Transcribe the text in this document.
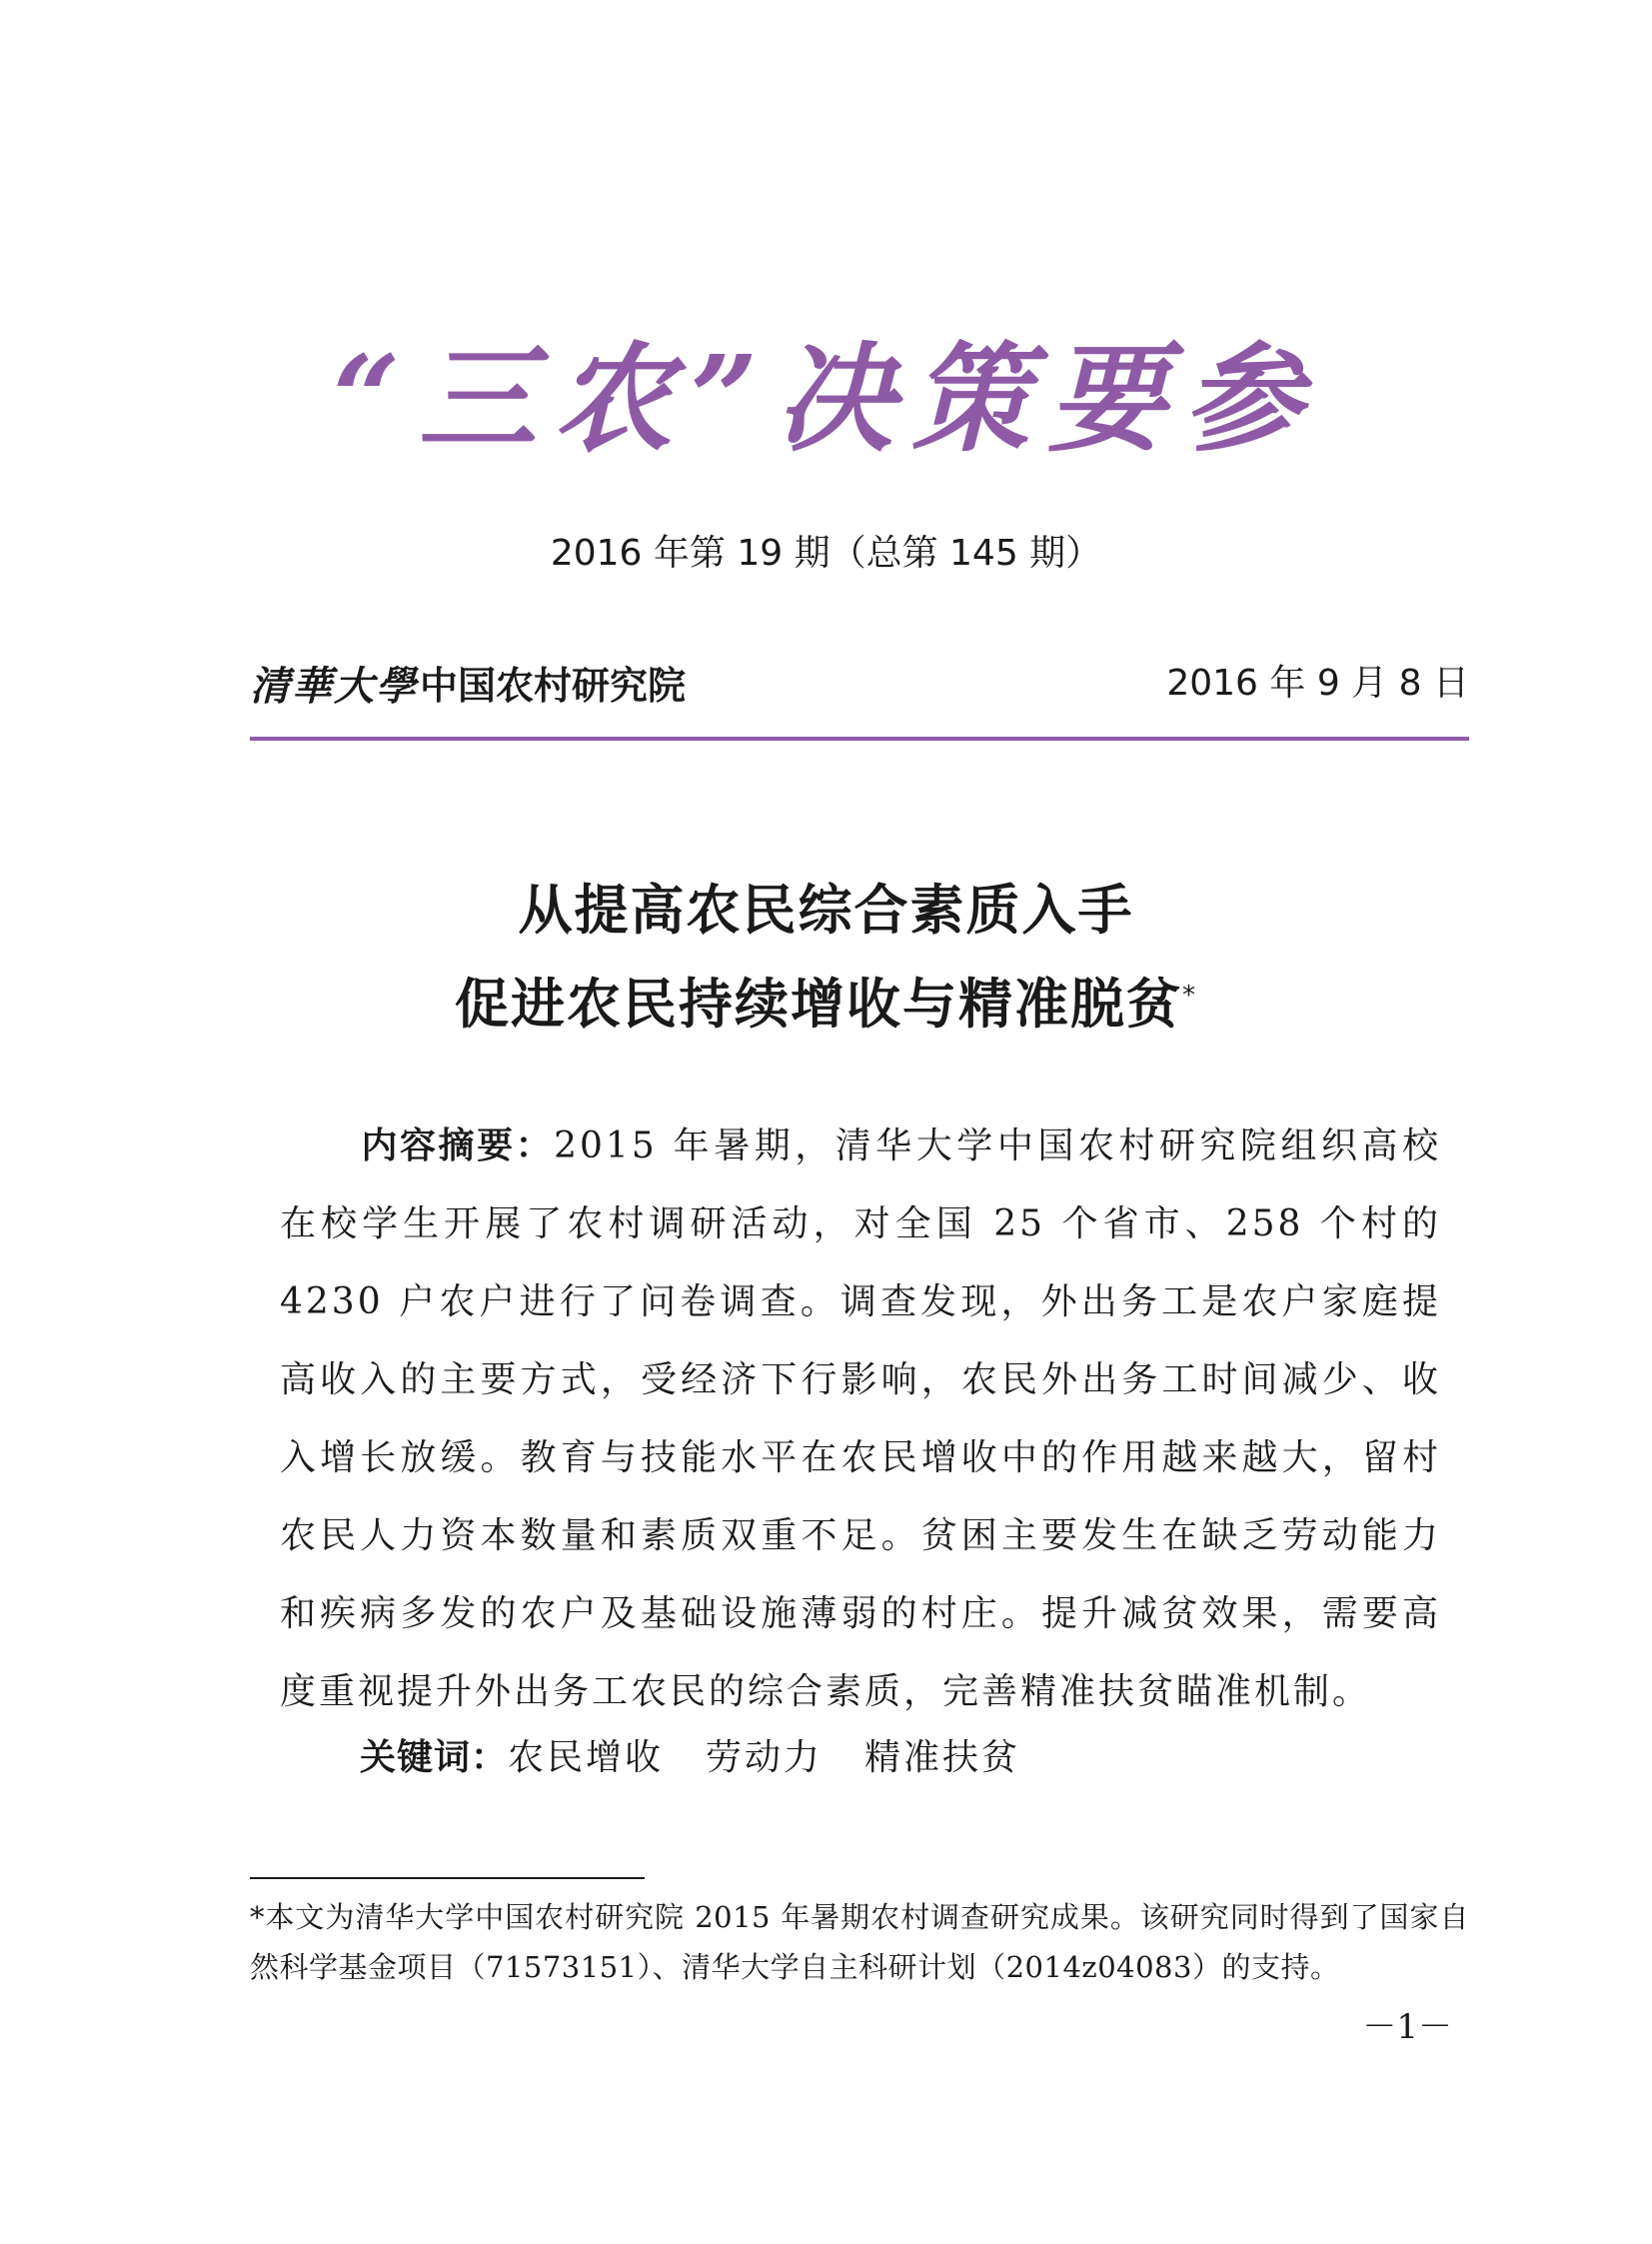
“三农”决策要参
2016 年第 19 期（总第 145 期）
清華大學 中国农村研究院	2016 年 9 月 8 日
从提高农民综合素质入手
促进农民持续增收与精准脱贫*
内容摘要：2015 年暑期，清华大学中国农村研究院组织高校在校学生开展了农村调研活动，对全国 25 个省市、258 个村的 4230 户农户进行了问卷调查。调查发现，外出务工是农户家庭提高收入的主要方式，受经济下行影响，农民外出务工时间减少、收入增长放缓。教育与技能水平在农民增收中的作用越来越大，留村农民人力资本数量和素质双重不足。贫困主要发生在缺乏劳动能力和疾病多发的农户及基础设施薄弱的村庄。提升减贫效果，需要高度重视提升外出务工农民的综合素质，完善精准扶贫瞄准机制。
关键词：农民增收 劳动力 精准扶贫
*本文为清华大学中国农村研究院 2015 年暑期农村调查研究成果。该研究同时得到了国家自然科学基金项目（71573151）、清华大学自主科研计划（2014z04083）的支持。
－1－
